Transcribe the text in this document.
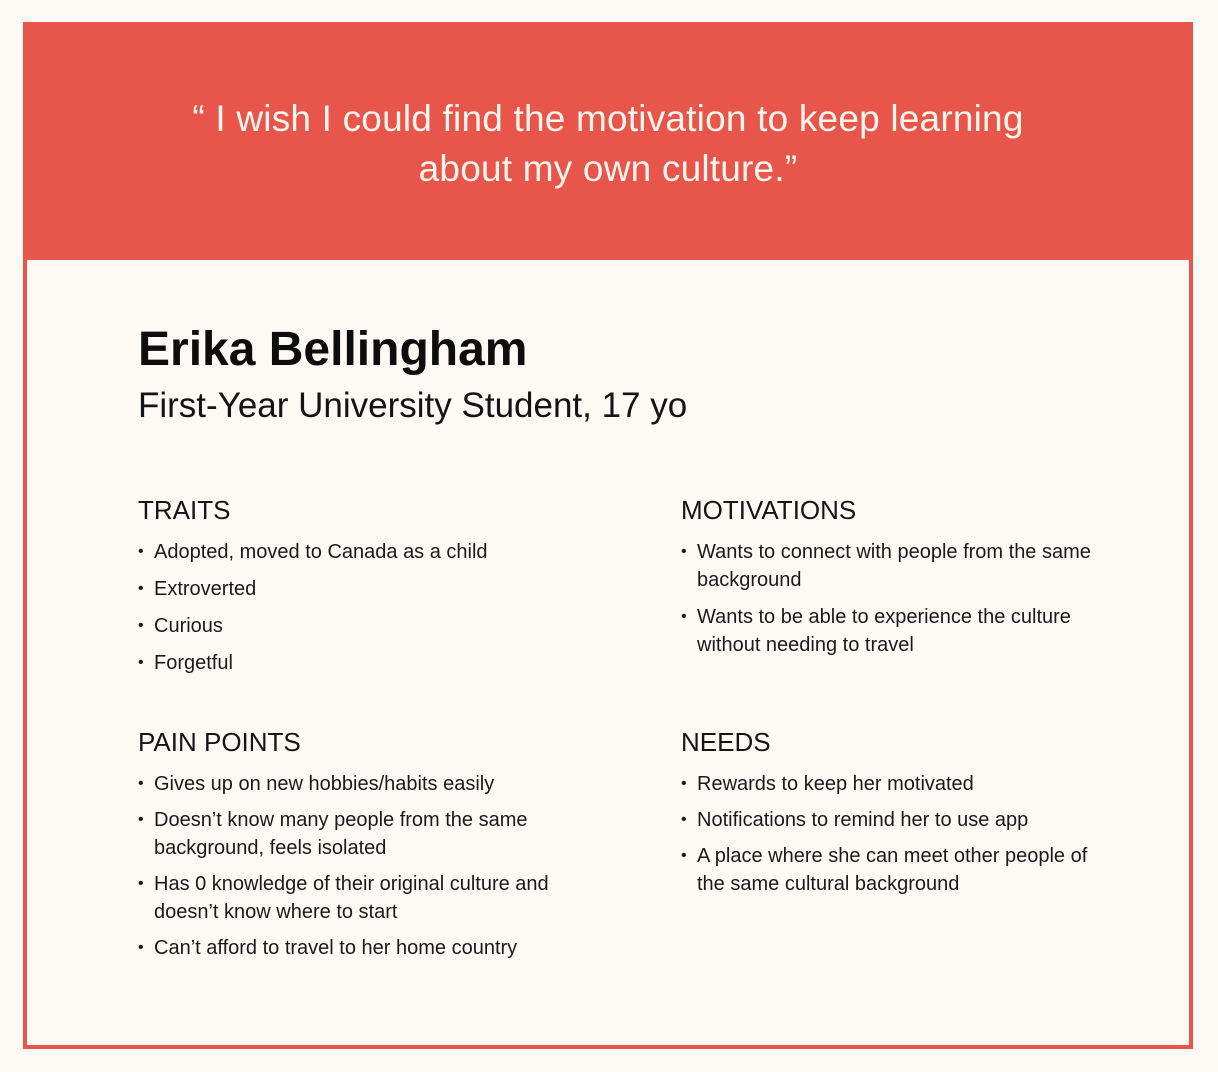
“ I wish I could find the motivation to keep learning about my own culture.”
Erika Bellingham

First-Year University Student, 17 yo

TRAITS
• Adopted, moved to Canada as a child
• Extroverted
• Curious
• Forgetful
MOTIVATIONS
• Wants to connect with people from the same background
• Wants to be able to experience the culture without needing to travel
PAIN POINTS
• Gives up on new hobbies/habits easily
• Doesn’t know many people from the same background, feels isolated
• Has 0 knowledge of their original culture and doesn’t know where to start
• Can’t afford to travel to her home country
NEEDS
• Rewards to keep her motivated
• Notifications to remind her to use app
• A place where she can meet other people of the same cultural background
